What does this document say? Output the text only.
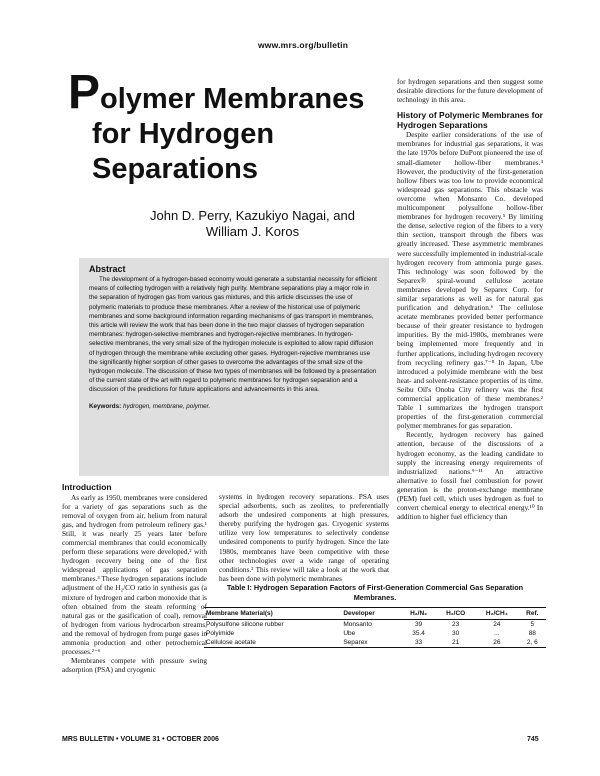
www.mrs.org/bulletin
Polymer Membranes
for Hydrogen
Separations
John D. Perry, Kazukiyo Nagai, and
William J. Koros
Abstract

The development of a hydrogen-based economy would generate a substantial necessity for efficient means of collecting hydrogen with a relatively high purity. Membrane separations play a major role in the separation of hydrogen gas from various gas mixtures, and this article discusses the use of polymeric materials to produce these membranes. After a review of the historical use of polymeric membranes and some background information regarding mechanisms of gas transport in membranes, this article will review the work that has been done in the two major classes of hydrogen separation membranes: hydrogen-selective membranes and hydrogen-rejective membranes. In hydrogen-selective membranes, the very small size of the hydrogen molecule is exploited to allow rapid diffusion of hydrogen through the membrane while excluding other gases. Hydrogen-rejective membranes use the significantly higher sorption of other gases to overcome the advantages of the small size of the hydrogen molecule. The discussion of these two types of membranes will be followed by a presentation of the current state of the art with regard to polymeric membranes for hydrogen separation and a discussion of the predictions for future applications and advancements in this area.

Keywords: hydrogen, membrane, polymer.

Introduction

As early as 1950, membranes were considered for a variety of gas separations such as the removal of oxygen from air, helium from natural gas, and hydrogen from petroleum refinery gas.¹ Still, it was nearly 25 years later before commercial membranes that could economically perform these separations were developed,² with hydrogen recovery being one of the first widespread applications of gas separation membranes.³ These hydrogen separations include adjustment of the H₂/CO ratio in synthesis gas (a mixture of hydrogen and carbon monoxide that is often obtained from the steam reforming of natural gas or the gasification of coal), removal of hydrogen from various hydrocarbon streams, and the removal of hydrogen from purge gases in ammonia production and other petrochemical processes.²⁻⁶

Membranes compete with pressure swing adsorption (PSA) and cryogenic

systems in hydrogen recovery separations. PSA uses special adsorbents, such as zeolites, to preferentially adsorb the undesired components at high pressures, thereby purifying the hydrogen gas. Cryogenic systems utilize very low temperatures to selectively condense undesired components to purify hydrogen. Since the late 1980s, membranes have been competitive with these other technologies over a wide range of operating conditions.² This review will take a look at the work that has been done with polymeric membranes

for hydrogen separations and then suggest some desirable directions for the future development of technology in this area.

History of Polymeric Membranes for Hydrogen Separations

Despite earlier considerations of the use of membranes for industrial gas separations, it was the late 1970s before DuPont pioneered the use of small-diameter hollow-fiber membranes.⁴ However, the productivity of the first-generation hollow fibers was too low to provide economical widespread gas separations. This obstacle was overcome when Monsanto Co. developed multicomponent polysulfone hollow-fiber membranes for hydrogen recovery.⁵ By limiting the dense, selective region of the fibers to a very thin section, transport through the fibers was greatly increased. These asymmetric membranes were successfully implemented in industrial-scale hydrogen recovery from ammonia purge gases. This technology was soon followed by the Separex® spiral-wound cellulose acetate membranes developed by Separex Corp. for similar separations as well as for natural gas purification and dehydration.⁶ The cellulose acetate membranes provided better performance because of their greater resistance to hydrogen impurities. By the mid-1980s, membranes were being implemented more frequently and in further applications, including hydrogen recovery from recycling refinery gas.⁷⁻⁸ In Japan, Ube introduced a polyimide membrane with the best heat- and solvent-resistance properties of its time. Seibu Oil's Onoba City refinery was the first commercial application of these membranes.² Table I summarizes the hydrogen transport properties of the first-generation commercial polymer membranes for gas separation.

Recently, hydrogen recovery has gained attention, because of the discussions of a hydrogen economy, as the leading candidate to supply the increasing energy requirements of industrialized nations.⁹⁻¹¹ An attractive alternative to fossil fuel combustion for power generation is the proton-exchange membrane (PEM) fuel cell, which uses hydrogen as fuel to convert chemical energy to electrical energy.¹⁰ In addition to higher fuel efficiency than

Table I: Hydrogen Separation Factors of First-Generation Commercial Gas Separation Membranes.
Membrane Material(s)	Developer	H₂/N₂	H₂/CO	H₂/CH₄	Ref.
Polysulfone silicone rubber	Monsanto	39	23	24	5
Polyimide	Ube	35.4	30	...	88
Cellulose acetate	Separex	33	21	26	2, 6
MRS BULLETIN • VOLUME 31 • OCTOBER 2006	745
